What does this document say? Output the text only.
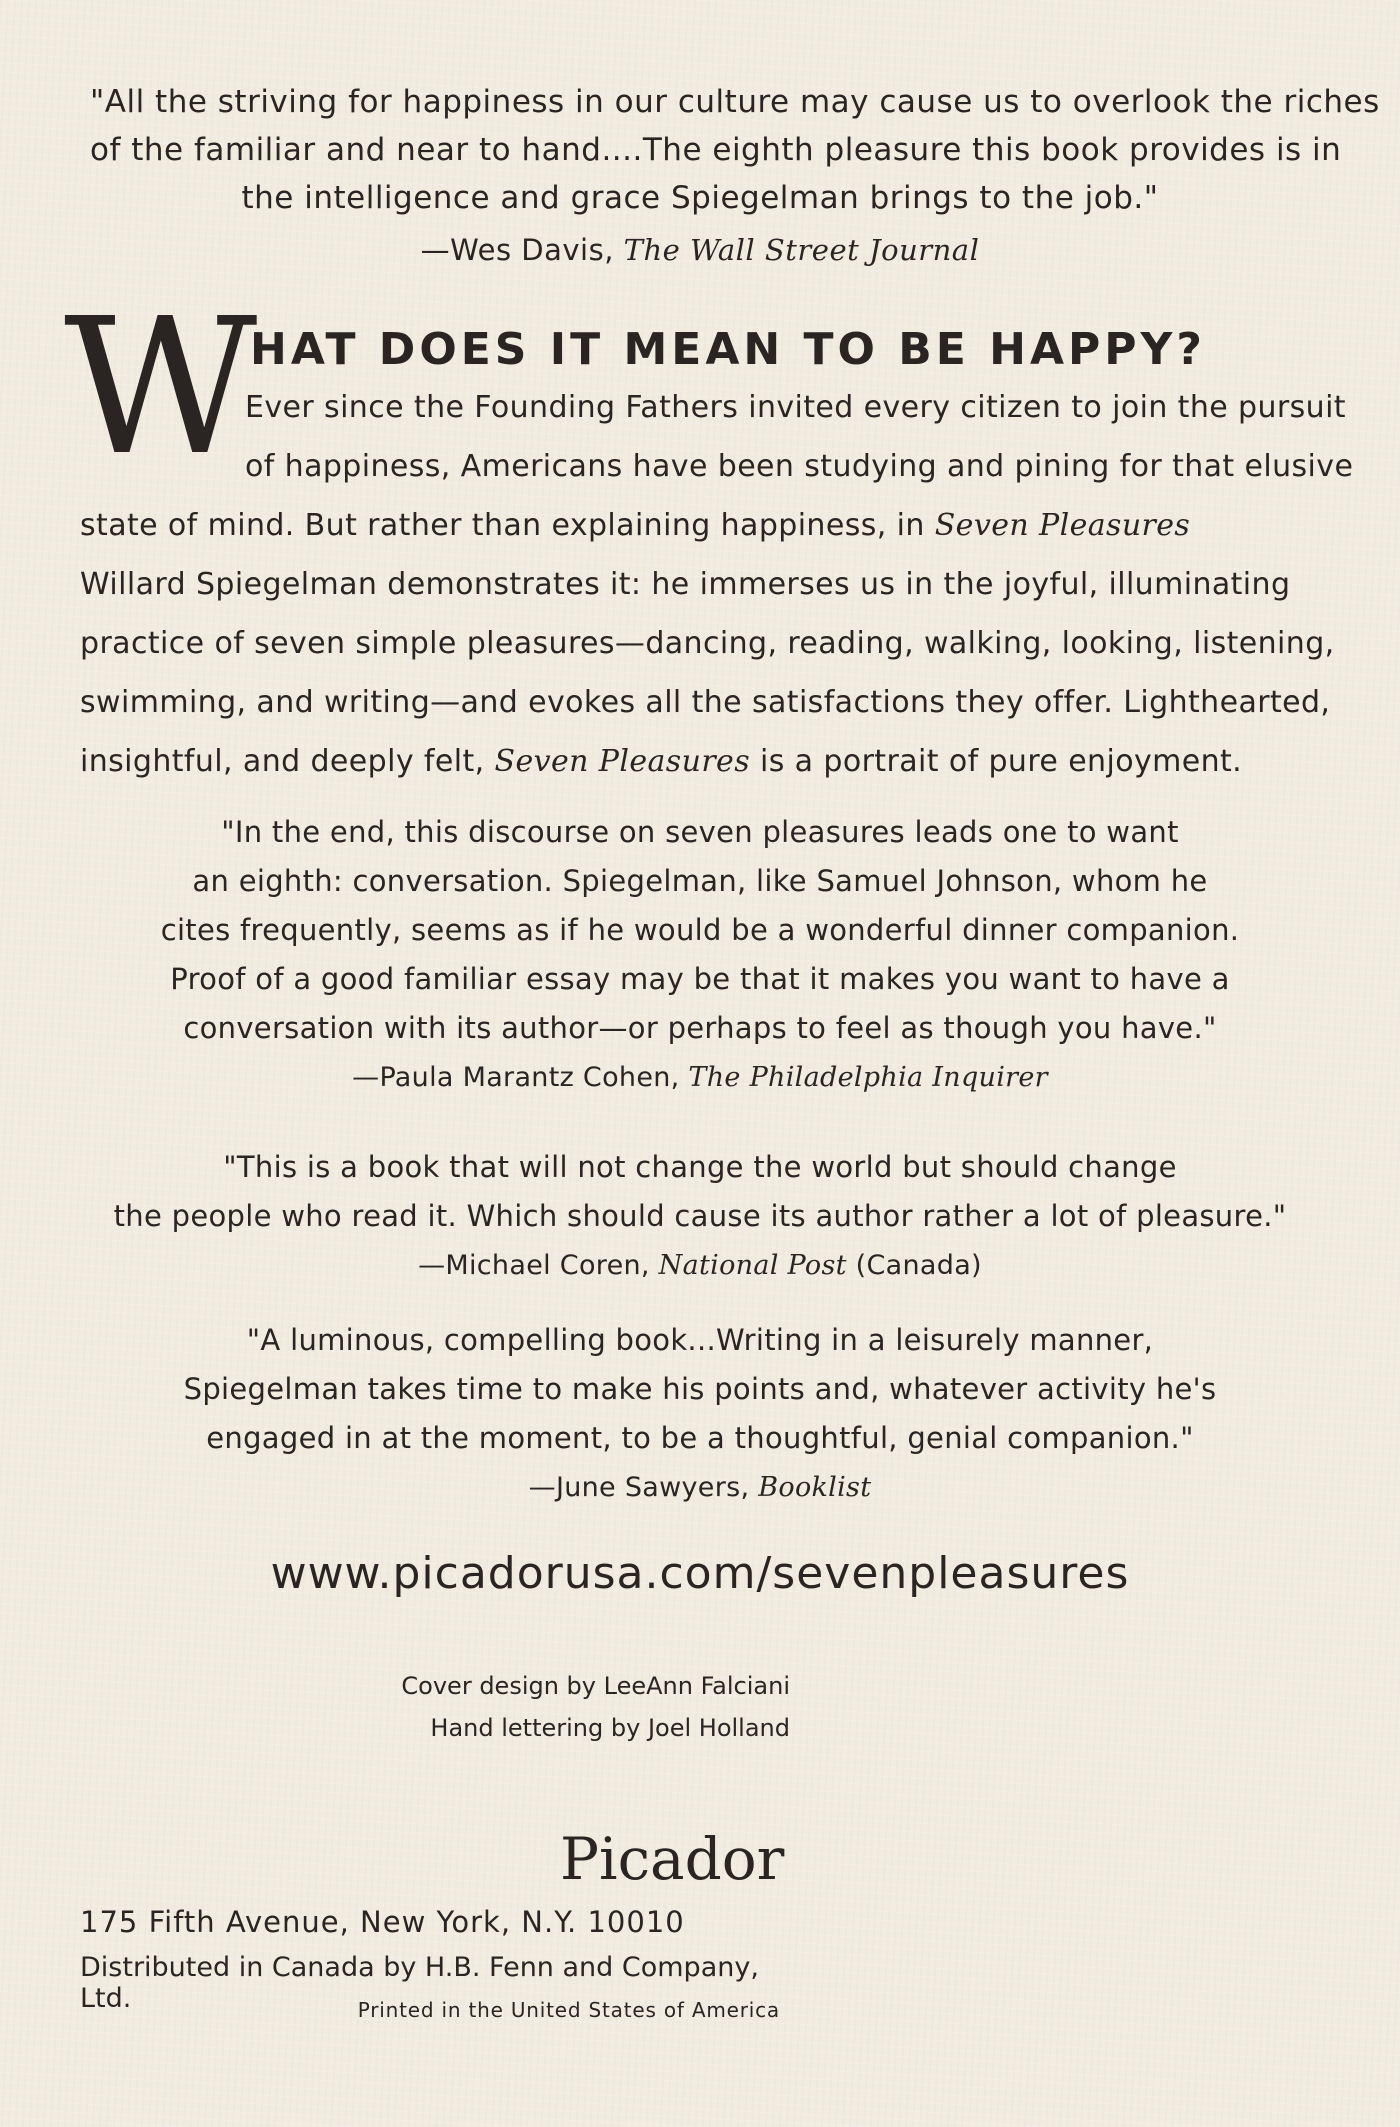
"All the striving for happiness in our culture may cause us to overlook the riches
of the familiar and near to hand....The eighth pleasure this book provides is in
the intelligence and grace Spiegelman brings to the job."
—Wes Davis, The Wall Street Journal
W
HAT DOES IT MEAN TO BE HAPPY?
Ever since the Founding Fathers invited every citizen to join the pursuit
of happiness, Americans have been studying and pining for that elusive
state of mind. But rather than explaining happiness, in Seven Pleasures
Willard Spiegelman demonstrates it: he immerses us in the joyful, illuminating
practice of seven simple pleasures—dancing, reading, walking, looking, listening,
swimming, and writing—and evokes all the satisfactions they offer. Lighthearted,
insightful, and deeply felt, Seven Pleasures is a portrait of pure enjoyment.
"In the end, this discourse on seven pleasures leads one to want
an eighth: conversation. Spiegelman, like Samuel Johnson, whom he
cites frequently, seems as if he would be a wonderful dinner companion.
Proof of a good familiar essay may be that it makes you want to have a
conversation with its author—or perhaps to feel as though you have."
—Paula Marantz Cohen, The Philadelphia Inquirer
"This is a book that will not change the world but should change
the people who read it. Which should cause its author rather a lot of pleasure."
—Michael Coren, National Post (Canada)
"A luminous, compelling book...Writing in a leisurely manner,
Spiegelman takes time to make his points and, whatever activity he's
engaged in at the moment, to be a thoughtful, genial companion."
—June Sawyers, Booklist
www.picadorusa.com/sevenpleasures
Cover design by LeeAnn Falciani
Hand lettering by Joel Holland
Picador
175 Fifth Avenue, New York, N.Y. 10010
Distributed in Canada by H.B. Fenn and Company, Ltd.	Printed in the United States of America
